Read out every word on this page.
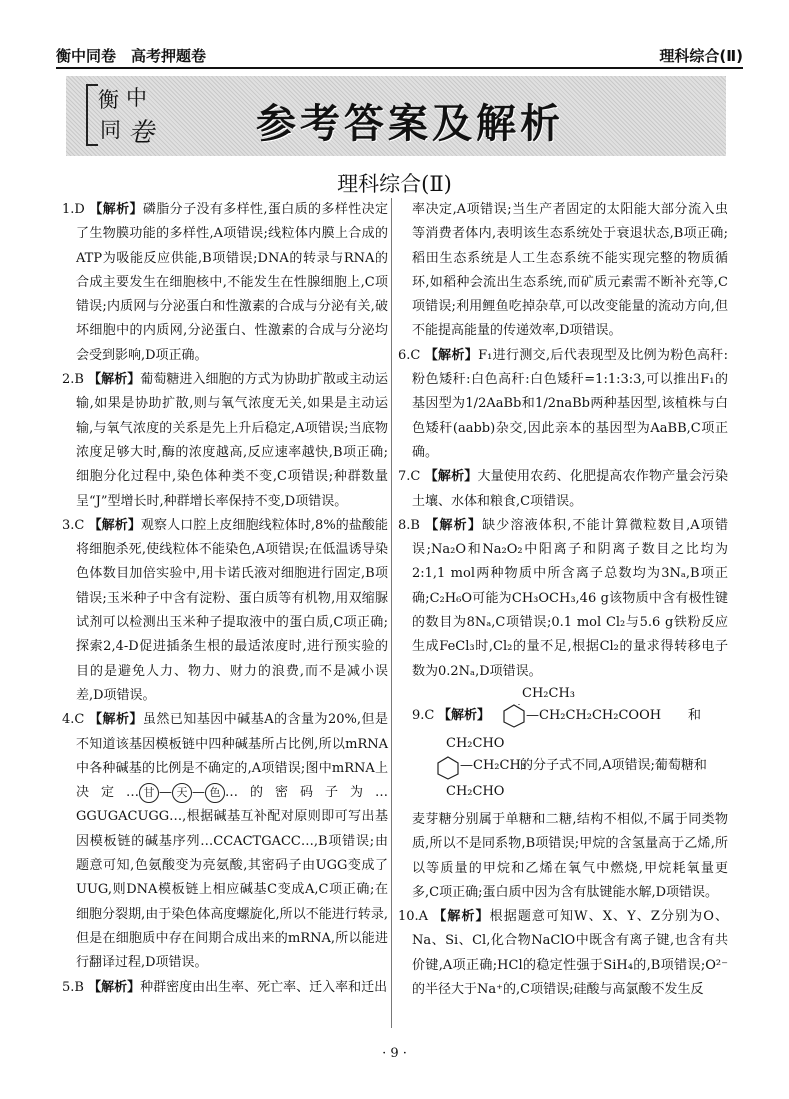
衡中同卷　高考押题卷	理科综合(Ⅱ)
衡 中
同 卷	参考答案及解析
理科综合(Ⅱ)
1.D 【解析】磷脂分子没有多样性,蛋白质的多样性决定了生物膜功能的多样性,A项错误;线粒体内膜上合成的ATP为吸能反应供能,B项错误;DNA的转录与RNA的合成主要发生在细胞核中,不能发生在性腺细胞上,C项错误;内质网与分泌蛋白和性激素的合成与分泌有关,破坏细胞中的内质网,分泌蛋白、性激素的合成与分泌均会受到影响,D项正确。
2.B 【解析】葡萄糖进入细胞的方式为协助扩散或主动运输,如果是协助扩散,则与氧气浓度无关,如果是主动运输,与氧气浓度的关系是先上升后稳定,A项错误;当底物浓度足够大时,酶的浓度越高,反应速率越快,B项正确;细胞分化过程中,染色体种类不变,C项错误;种群数量呈“J”型增长时,种群增长率保持不变,D项错误。
3.C 【解析】观察人口腔上皮细胞线粒体时,8%的盐酸能将细胞杀死,使线粒体不能染色,A项错误;在低温诱导染色体数目加倍实验中,用卡诺氏液对细胞进行固定,B项错误;玉米种子中含有淀粉、蛋白质等有机物,用双缩脲试剂可以检测出玉米种子提取液中的蛋白质,C项正确;探索2,4-D促进插条生根的最适浓度时,进行预实验的目的是避免人力、物力、财力的浪费,而不是减小误差,D项错误。
4.C 【解析】虽然已知基因中碱基A的含量为20%,但是不知道该基因模板链中四种碱基所占比例,所以mRNA中各种碱基的比例是不确定的,A项错误;图中mRNA上决定… 甘 — 天 — 色 …的密码子为…GGUGACUGG…,根据碱基互补配对原则即可写出基因模板链的碱基序列…CCACTGACC…,B项错误;由题意可知,色氨酸变为亮氨酸,其密码子由UGG变成了UUG,则DNA模板链上相应碱基C变成A,C项正确;在细胞分裂期,由于染色体高度螺旋化,所以不能进行转录,但是在细胞质中存在间期合成出来的mRNA,所以能进行翻译过程,D项错误。
5.B 【解析】种群密度由出生率、死亡率、迁入率和迁出
率决定,A项错误;当生产者固定的太阳能大部分流入虫等消费者体内,表明该生态系统处于衰退状态,B项正确;稻田生态系统是人工生态系统不能实现完整的物质循环,如稻种会流出生态系统,而矿质元素需不断补充等,C项错误;利用鲤鱼吃掉杂草,可以改变能量的流动方向,但不能提高能量的传递效率,D项错误。
6.C 【解析】F₁进行测交,后代表现型及比例为粉色高秆:粉色矮秆:白色高秆:白色矮秆=1:1:3:3,可以推出F₁的基因型为1/2AaBb和1/2naBb两种基因型,该植株与白色矮秆(aabb)杂交,因此亲本的基因型为AaBB,C项正确。
7.C 【解析】大量使用农药、化肥提高农作物产量会污染土壤、水体和粮食,C项错误。
8.B 【解析】缺少溶液体积,不能计算微粒数目,A项错误;Na₂O和Na₂O₂中阳离子和阴离子数目之比均为2:1,1 mol两种物质中所含离子总数均为3Nₐ,B项正确;C₂H₆O可能为CH₃OCH₃,46 g该物质中含有极性键的数目为8Nₐ,C项错误;0.1 mol Cl₂与5.6 g铁粉反应生成FeCl₃时,Cl₂的量不足,根据Cl₂的量求得转移电子数为0.2Nₐ,D项错误。
9.C 【解析】
CH₂CH₃
—CH₂CH₂CH₂COOH 和
CH₂CHO
—CH₂CH₃
的分子式不同,A项错误;葡萄糖和
CH₂CHO
麦芽糖分别属于单糖和二糖,结构不相似,不属于同类物质,所以不是同系物,B项错误;甲烷的含氢量高于乙烯,所以等质量的甲烷和乙烯在氧气中燃烧,甲烷耗氧量更多,C项正确;蛋白质中因为含有肽键能水解,D项错误。
10.A 【解析】根据题意可知W、X、Y、Z分别为O、Na、Si、Cl,化合物NaClO中既含有离子键,也含有共价键,A项正确;HCl的稳定性强于SiH₄的,B项错误;O²⁻的半径大于Na⁺的,C项错误;硅酸与高氯酸不发生反
· 9 ·
